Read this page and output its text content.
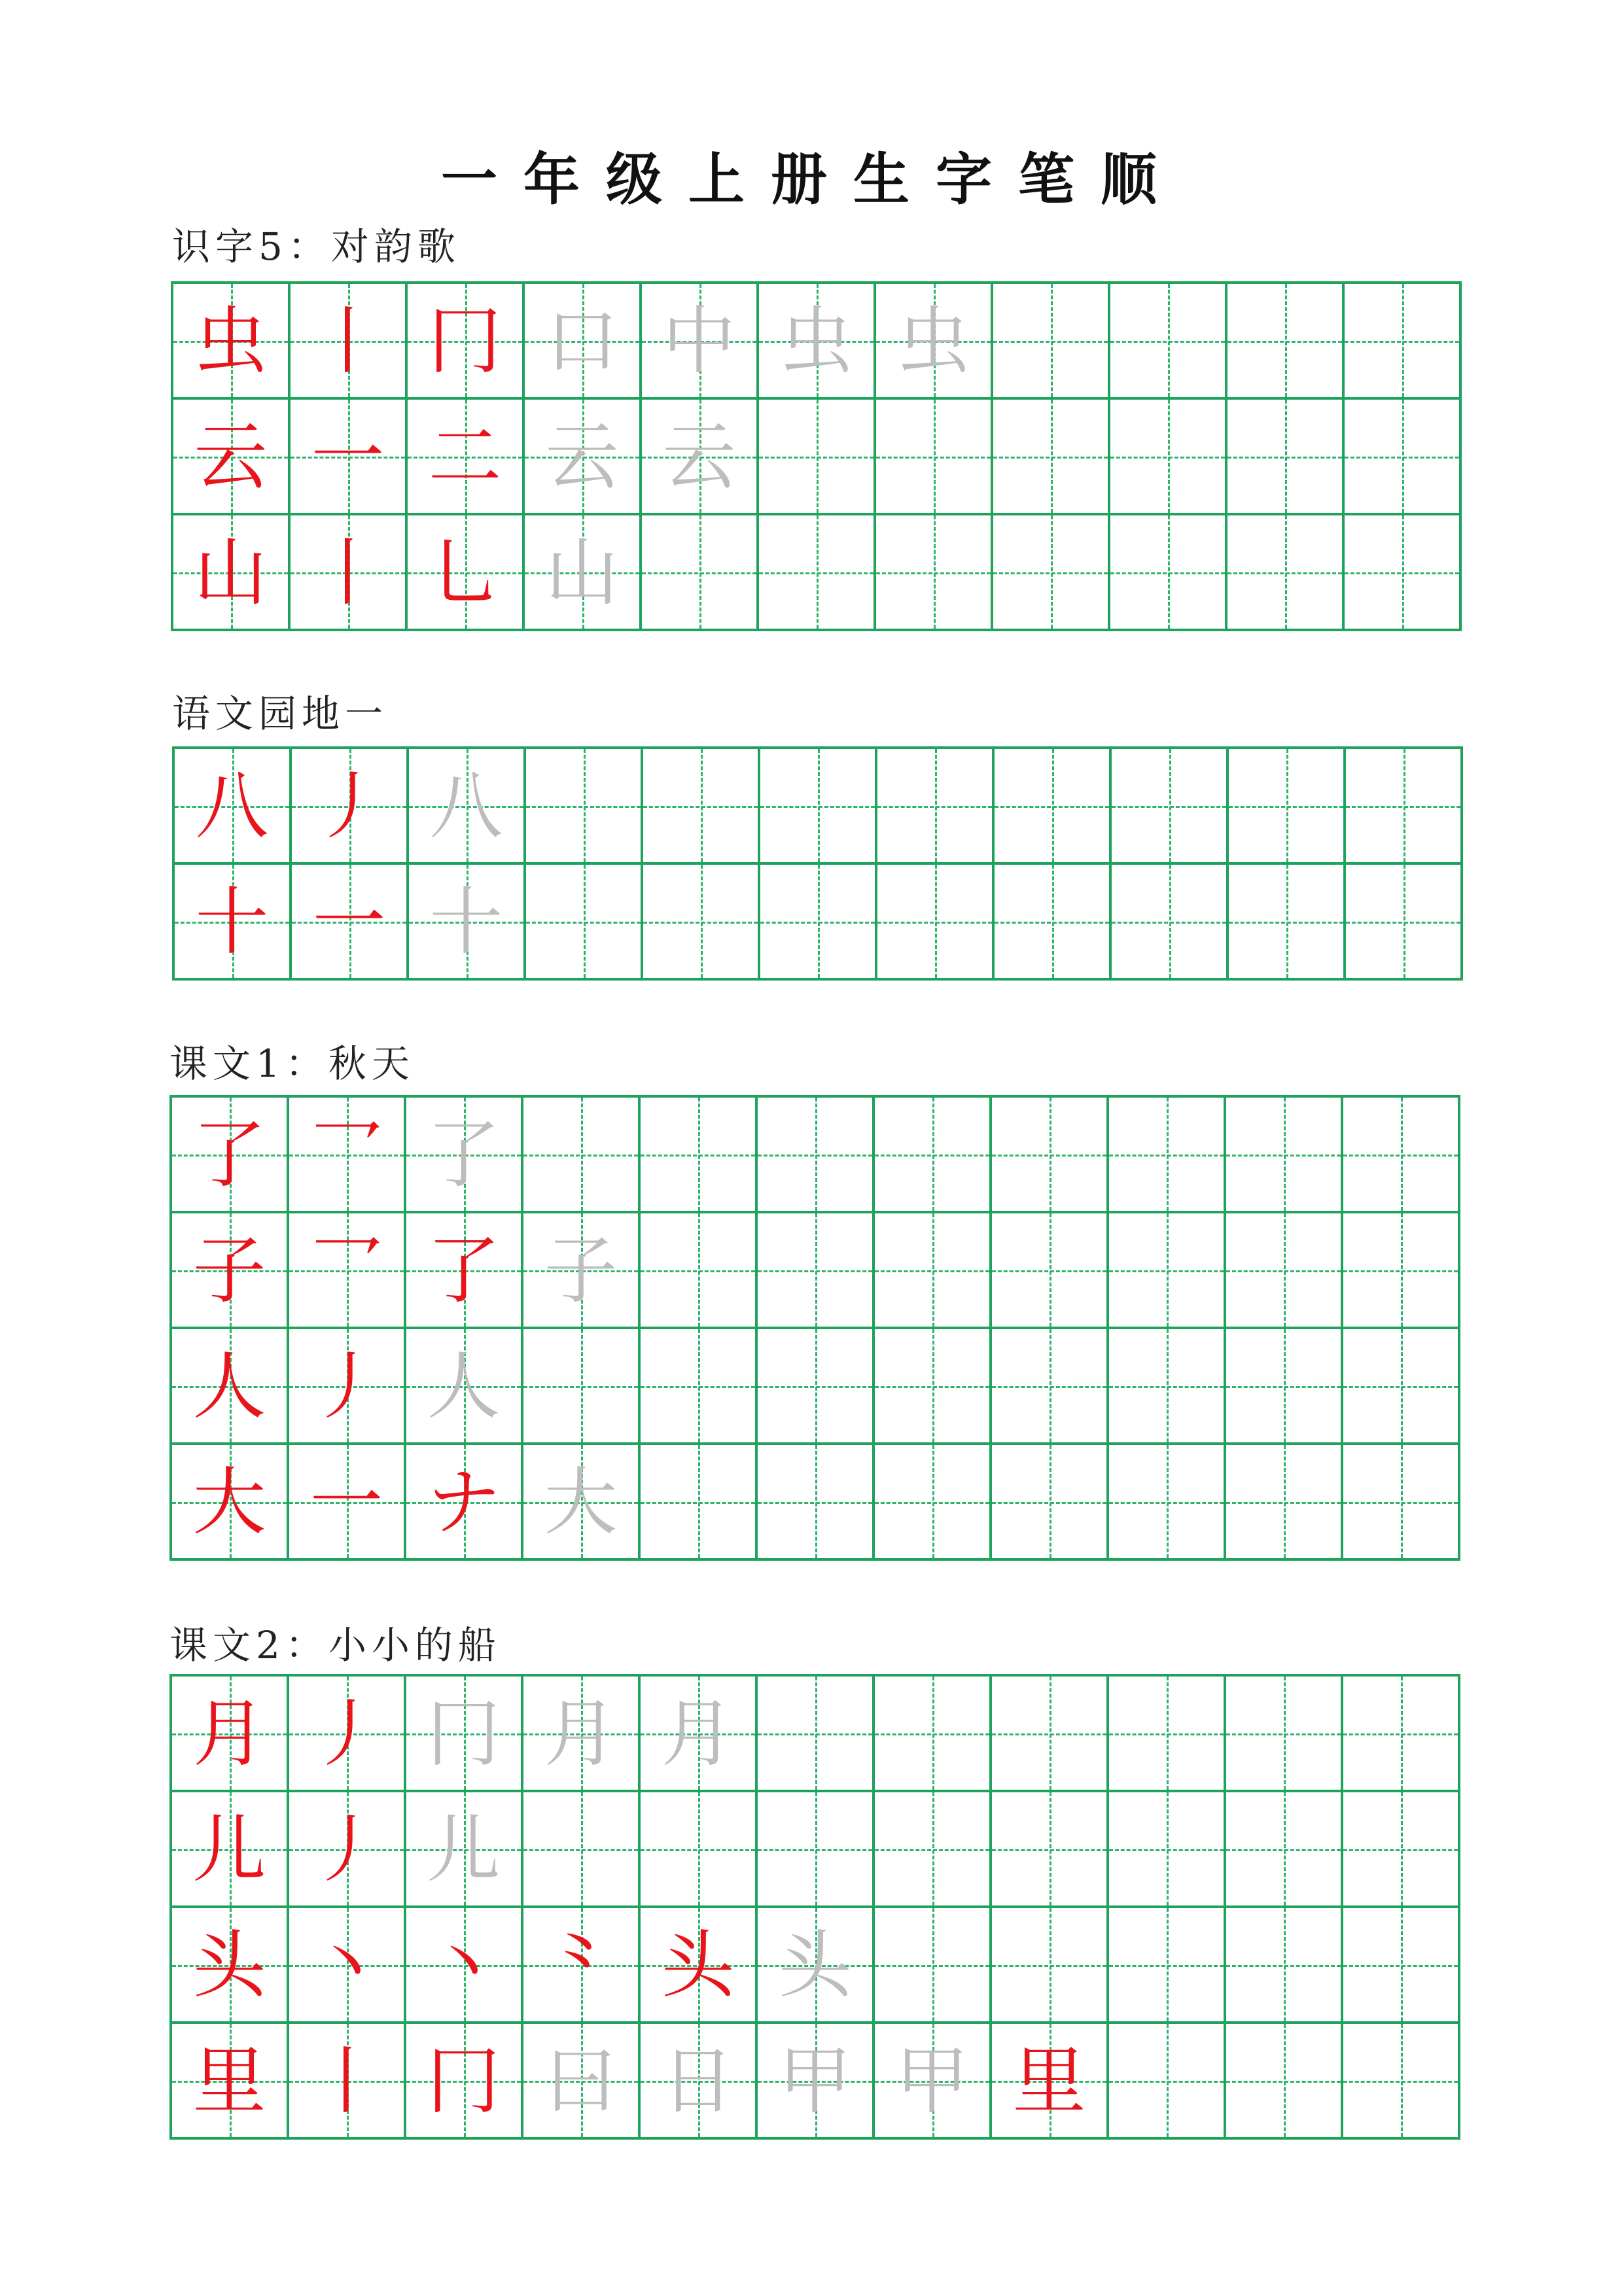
一年级上册生字笔顺
识字5：对韵歌
虫 丨 冂 口 中 虫 虫
云 一 二 云 云
山 丨 乚 山
语文园地一
八 丿 八
十 一 十
课文1：秋天
了 乛 了
子 乛 了 子
人 丿 人
大 一 ナ 大
课文2：小小的船
月 丿 冂 月 月
儿 丿 儿
头 丶 丶 ⺀ 头 头
里 丨 冂 曰 日 甲 甲 里
